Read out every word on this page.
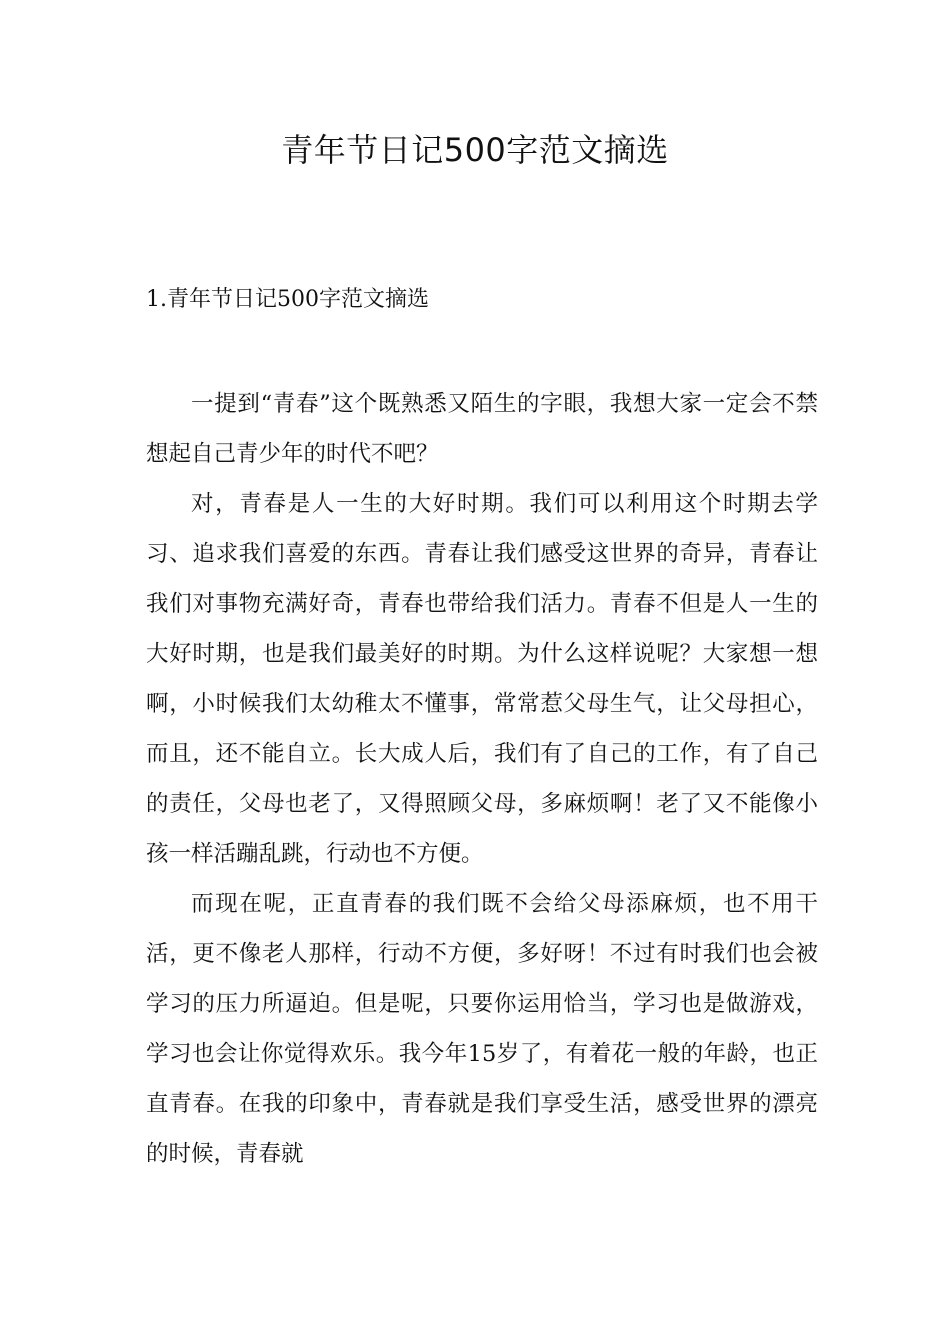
青年节日记500字范文摘选
1.青年节日记500字范文摘选

一提到“青春”这个既熟悉又陌生的字眼，我想大家一定会不禁想起自己青少年的时代不吧？

对，青春是人一生的大好时期。我们可以利用这个时期去学习、追求我们喜爱的东西。青春让我们感受这世界的奇异，青春让我们对事物充满好奇，青春也带给我们活力。青春不但是人一生的大好时期，也是我们最美好的时期。为什么这样说呢？大家想一想啊，小时候我们太幼稚太不懂事，常常惹父母生气，让父母担心，而且，还不能自立。长大成人后，我们有了自己的工作，有了自己的责任，父母也老了，又得照顾父母，多麻烦啊！老了又不能像小孩一样活蹦乱跳，行动也不方便。

而现在呢，正直青春的我们既不会给父母添麻烦，也不用干活，更不像老人那样，行动不方便，多好呀！不过有时我们也会被学习的压力所逼迫。但是呢，只要你运用恰当，学习也是做游戏，学习也会让你觉得欢乐。我今年15岁了，有着花一般的年龄，也正直青春。在我的印象中，青春就是我们享受生活，感受世界的漂亮的时候，青春就
